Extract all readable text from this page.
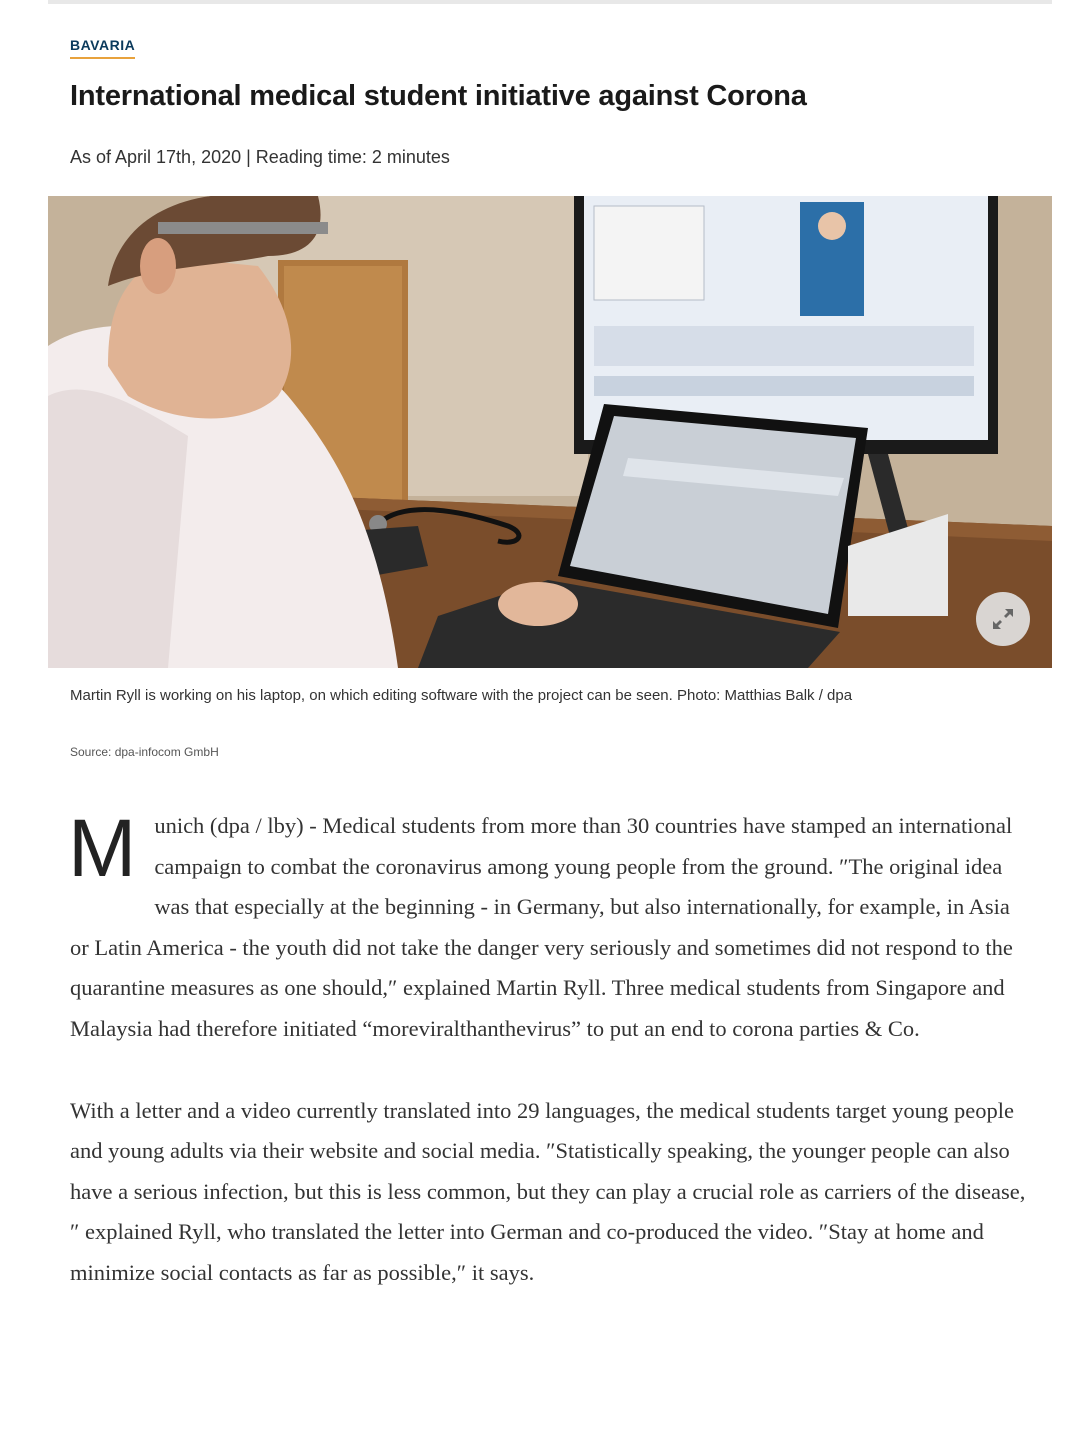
BAVARIA
International medical student initiative against Corona
As of April 17th, 2020 | Reading time: 2 minutes
Martin Ryll is working on his laptop, on which editing software with the project can be seen. Photo: Matthias Balk / dpa
Source: dpa-infocom GmbH

Munich (dpa / lby) - Medical students from more than 30 countries have stamped an international campaign to combat the coronavirus among young people from the ground. ″The original idea was that especially at the beginning - in Germany, but also internationally, for example, in Asia or Latin America - the youth did not take the danger very seriously and sometimes did not respond to the quarantine measures as one should,″ explained Martin Ryll. Three medical students from Singapore and Malaysia had therefore initiated “moreviralthanthevirus” to put an end to corona parties & Co.

With a letter and a video currently translated into 29 languages, the medical students target young people and young adults via their website and social media. ″Statistically speaking, the younger people can also have a serious infection, but this is less common, but they can play a crucial role as carriers of the disease,″ explained Ryll, who translated the letter into German and co-produced the video. ″Stay at home and minimize social contacts as far as possible,″ it says.
